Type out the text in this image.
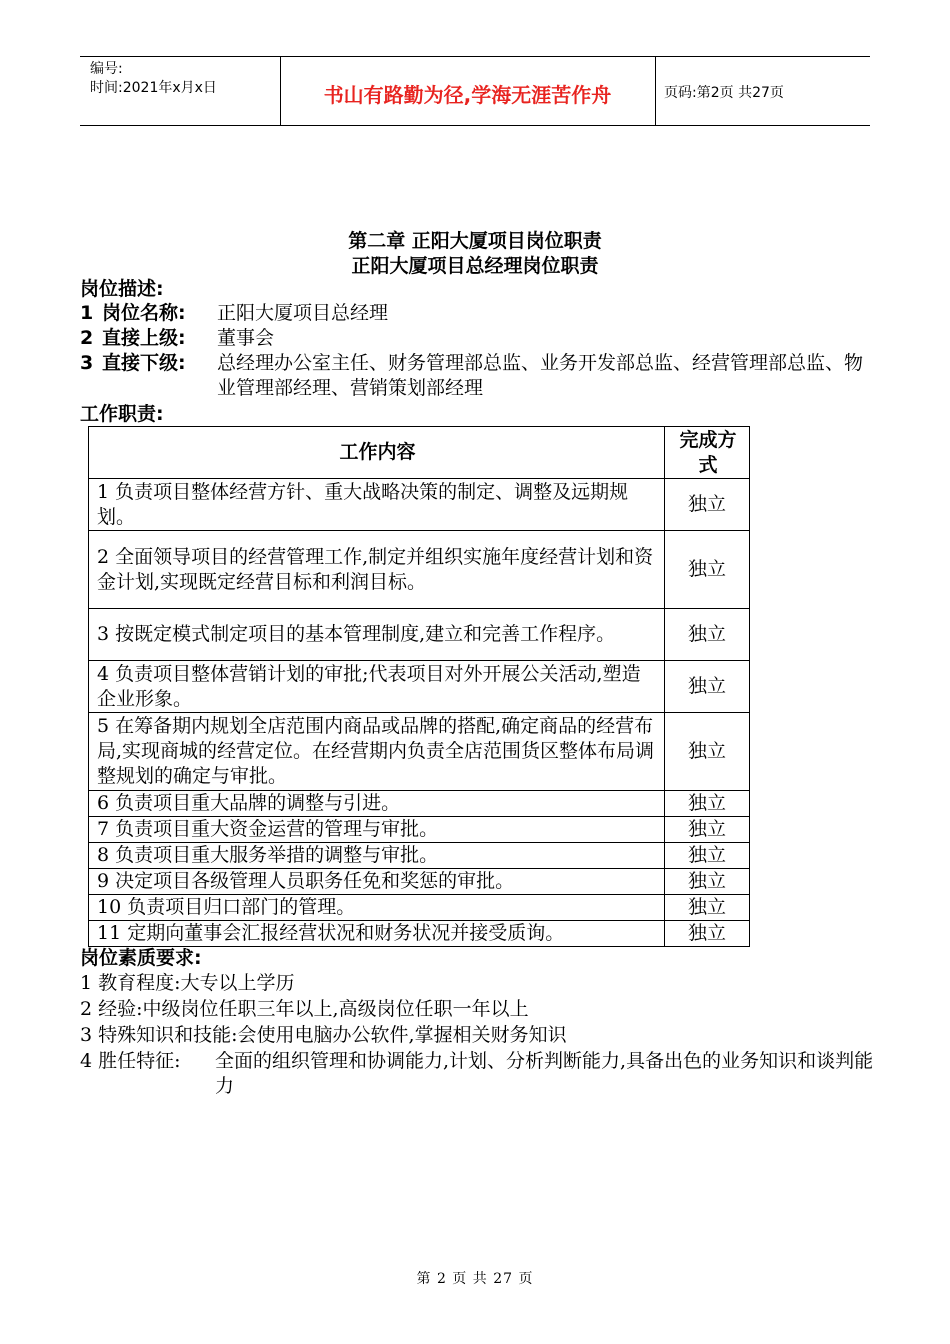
编号:
时间:2021年x月x日	书山有路勤为径,学海无涯苦作舟	页码:第2页 共27页
第二章 正阳大厦项目岗位职责
正阳大厦项目总经理岗位职责
岗位描述:
1 岗位名称: 正阳大厦项目总经理
2 直接上级: 董事会
3 直接下级: 总经理办公室主任、财务管理部总监、业务开发部总监、经营管理部总监、物业管理部经理、营销策划部经理
工作职责:
工作内容	完成方式
1 负责项目整体经营方针、重大战略决策的制定、调整及远期规划。	独立
2 全面领导项目的经营管理工作,制定并组织实施年度经营计划和资金计划,实现既定经营目标和利润目标。	独立
3 按既定模式制定项目的基本管理制度,建立和完善工作程序。	独立
4 负责项目整体营销计划的审批;代表项目对外开展公关活动,塑造企业形象。	独立
5 在筹备期内规划全店范围内商品或品牌的搭配,确定商品的经营布局,实现商城的经营定位。在经营期内负责全店范围货区整体布局调整规划的确定与审批。	独立
6 负责项目重大品牌的调整与引进。	独立
7 负责项目重大资金运营的管理与审批。	独立
8 负责项目重大服务举措的调整与审批。	独立
9 决定项目各级管理人员职务任免和奖惩的审批。	独立
10 负责项目归口部门的管理。	独立
11 定期向董事会汇报经营状况和财务状况并接受质询。	独立
岗位素质要求:
1 教育程度:大专以上学历
2 经验:中级岗位任职三年以上,高级岗位任职一年以上
3 特殊知识和技能:会使用电脑办公软件,掌握相关财务知识
4 胜任特征: 全面的组织管理和协调能力,计划、分析判断能力,具备出色的业务知识和谈判能力
第 2 页 共 27 页
